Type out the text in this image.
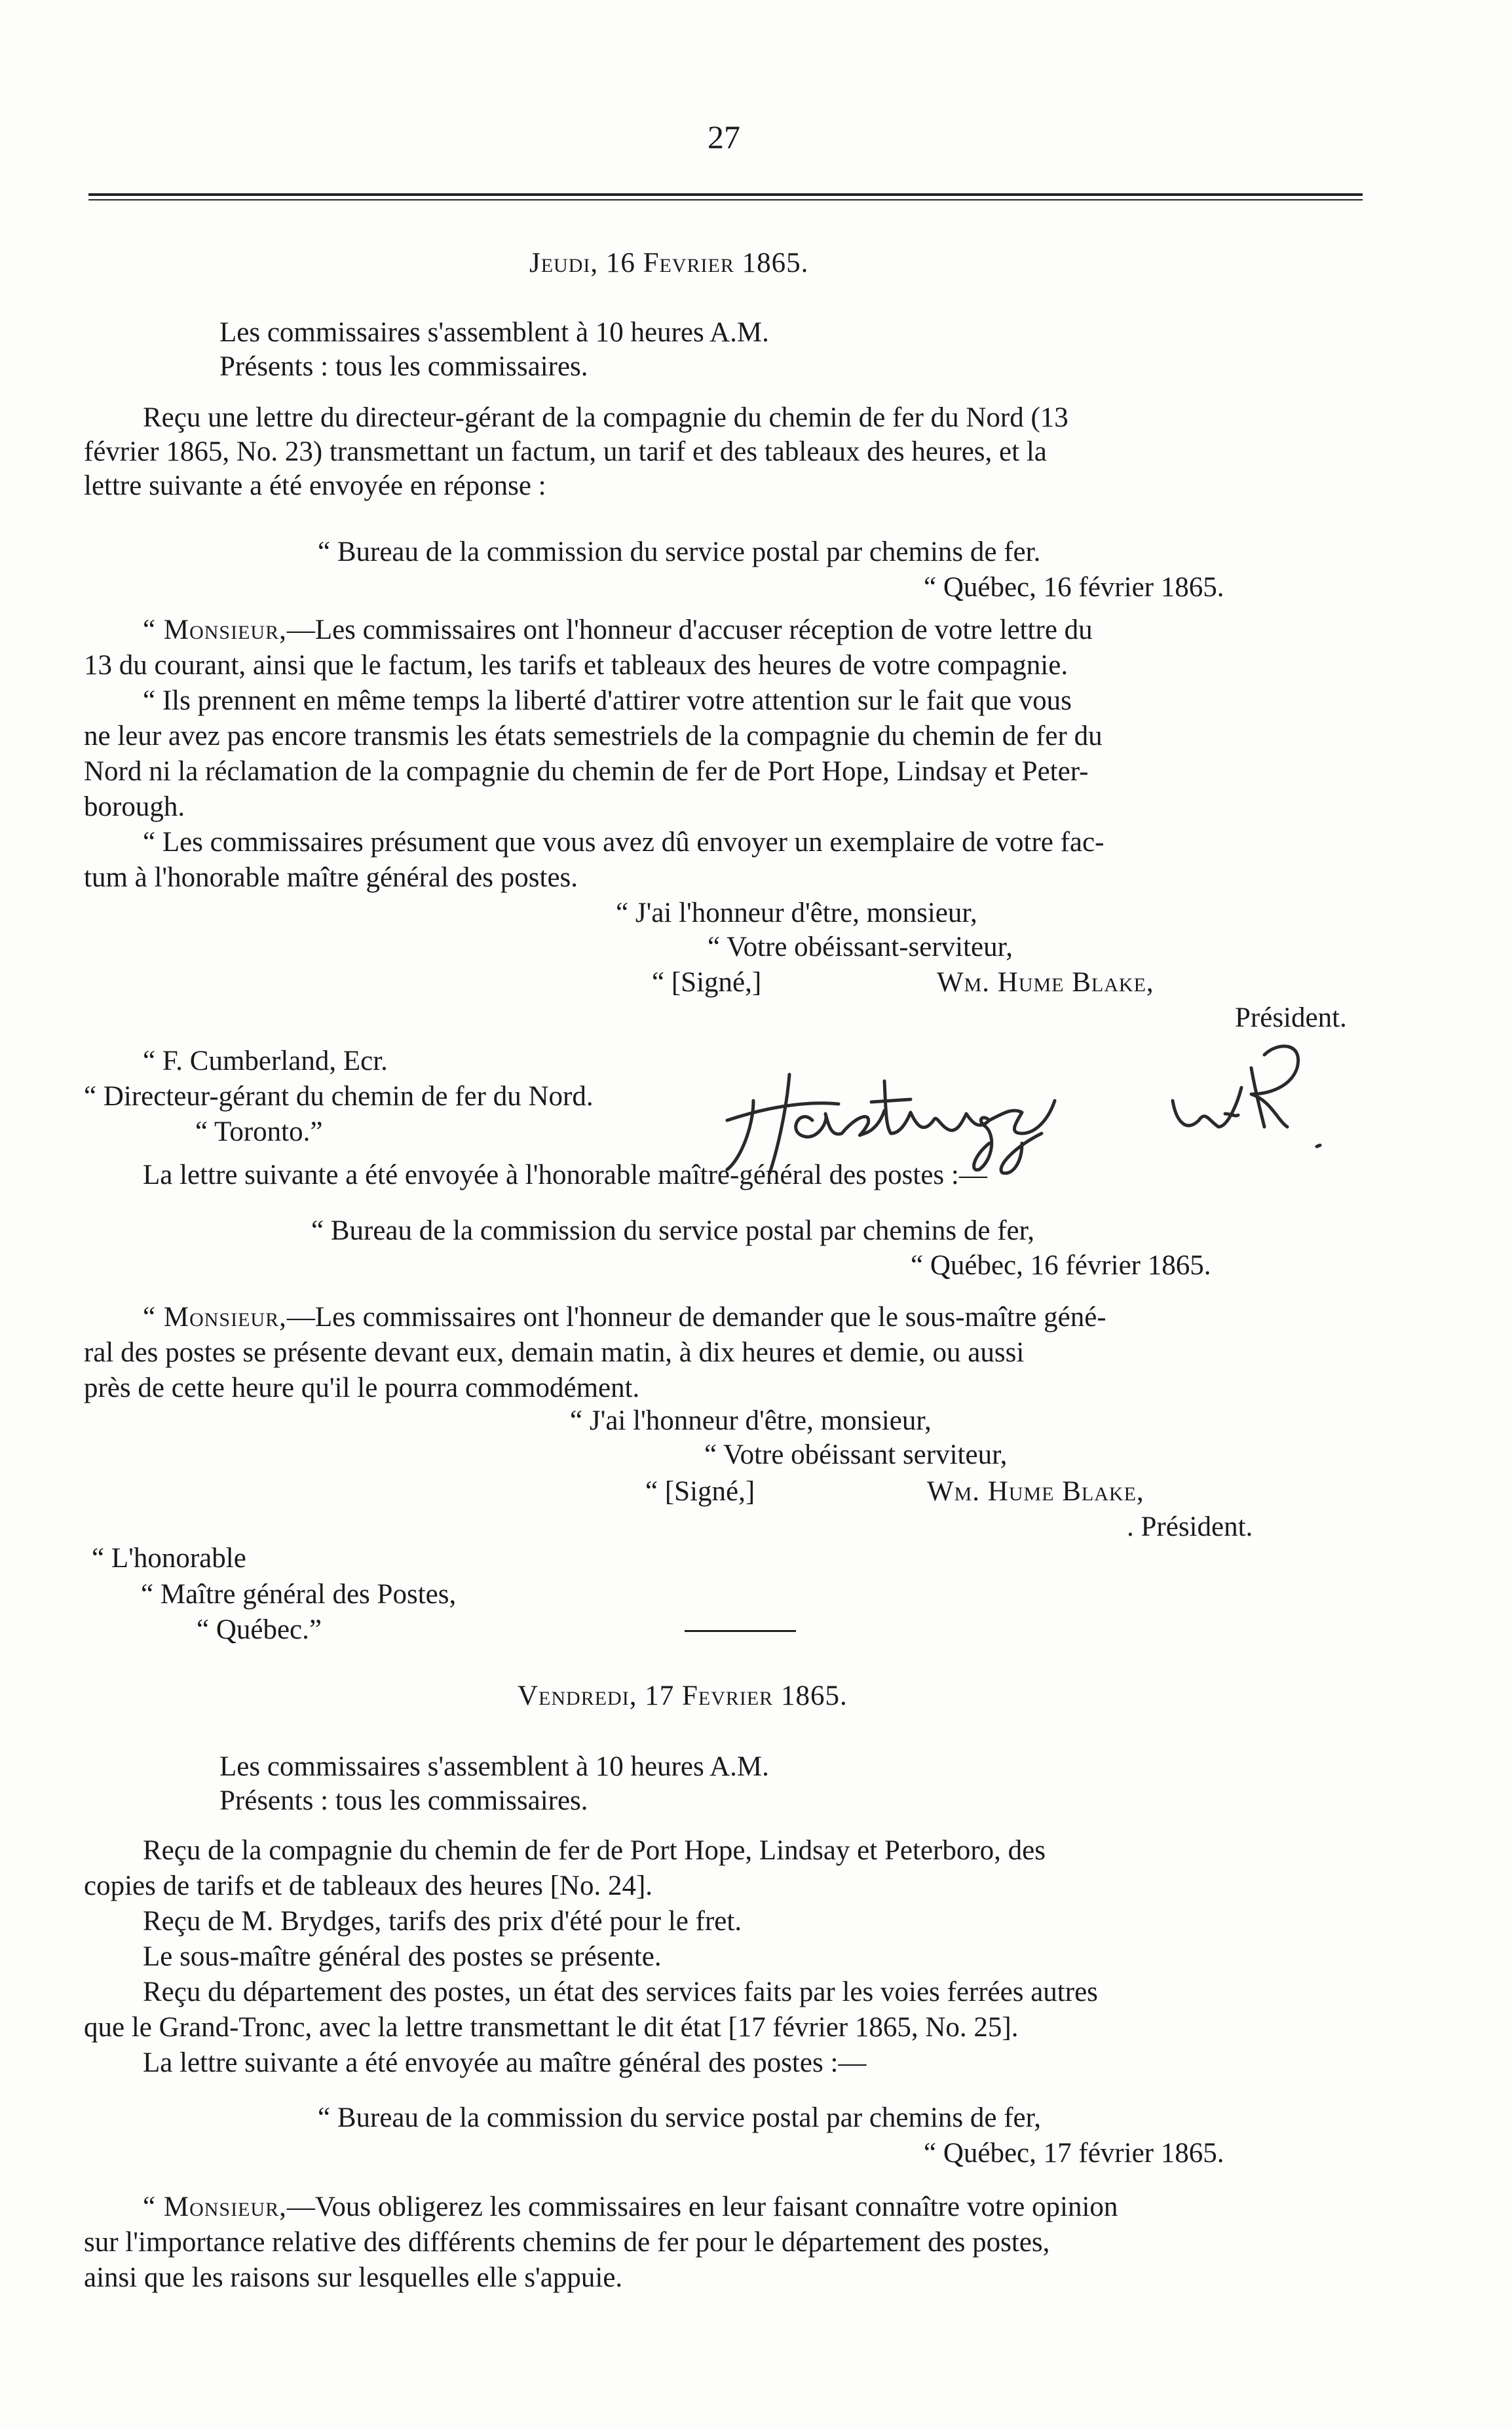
27
Jeudi, 16 Fevrier 1865.
Les commissaires s'assemblent à 10 heures A.M.
Présents : tous les commissaires.
Reçu une lettre du directeur-gérant de la compagnie du chemin de fer du Nord (13
février 1865, No. 23) transmettant un factum, un tarif et des tableaux des heures, et la
lettre suivante a été envoyée en réponse :
“ Bureau de la commission du service postal par chemins de fer.
“ Québec, 16 février 1865.
“ Monsieur,—Les commissaires ont l'honneur d'accuser réception de votre lettre du
13 du courant, ainsi que le factum, les tarifs et tableaux des heures de votre compagnie.
“ Ils prennent en même temps la liberté d'attirer votre attention sur le fait que vous
ne leur avez pas encore transmis les états semestriels de la compagnie du chemin de fer du
Nord ni la réclamation de la compagnie du chemin de fer de Port Hope, Lindsay et Peter-
borough.
“ Les commissaires présument que vous avez dû envoyer un exemplaire de votre fac-
tum à l'honorable maître général des postes.
“ J'ai l'honneur d'être, monsieur,
“ Votre obéissant-serviteur,
“ [Signé,]	Wm. Hume Blake,
Président.
“ F. Cumberland, Ecr.
“ Directeur-gérant du chemin de fer du Nord.
“ Toronto.”
La lettre suivante a été envoyée à l'honorable maître-général des postes :—
“ Bureau de la commission du service postal par chemins de fer,
“ Québec, 16 février 1865.
“ Monsieur,—Les commissaires ont l'honneur de demander que le sous-maître géné-
ral des postes se présente devant eux, demain matin, à dix heures et demie, ou aussi
près de cette heure qu'il le pourra commodément.
“ J'ai l'honneur d'être, monsieur,
“ Votre obéissant serviteur,
“ [Signé,]	Wm. Hume Blake,
. Président.
“ L'honorable
“ Maître général des Postes,
“ Québec.”
Vendredi, 17 Fevrier 1865.
Les commissaires s'assemblent à 10 heures A.M.
Présents : tous les commissaires.
Reçu de la compagnie du chemin de fer de Port Hope, Lindsay et Peterboro, des
copies de tarifs et de tableaux des heures [No. 24].
Reçu de M. Brydges, tarifs des prix d'été pour le fret.
Le sous-maître général des postes se présente.
Reçu du département des postes, un état des services faits par les voies ferrées autres
que le Grand-Tronc, avec la lettre transmettant le dit état [17 février 1865, No. 25].
La lettre suivante a été envoyée au maître général des postes :—
“ Bureau de la commission du service postal par chemins de fer,
“ Québec, 17 février 1865.
“ Monsieur,—Vous obligerez les commissaires en leur faisant connaître votre opinion
sur l'importance relative des différents chemins de fer pour le département des postes,
ainsi que les raisons sur lesquelles elle s'appuie.
